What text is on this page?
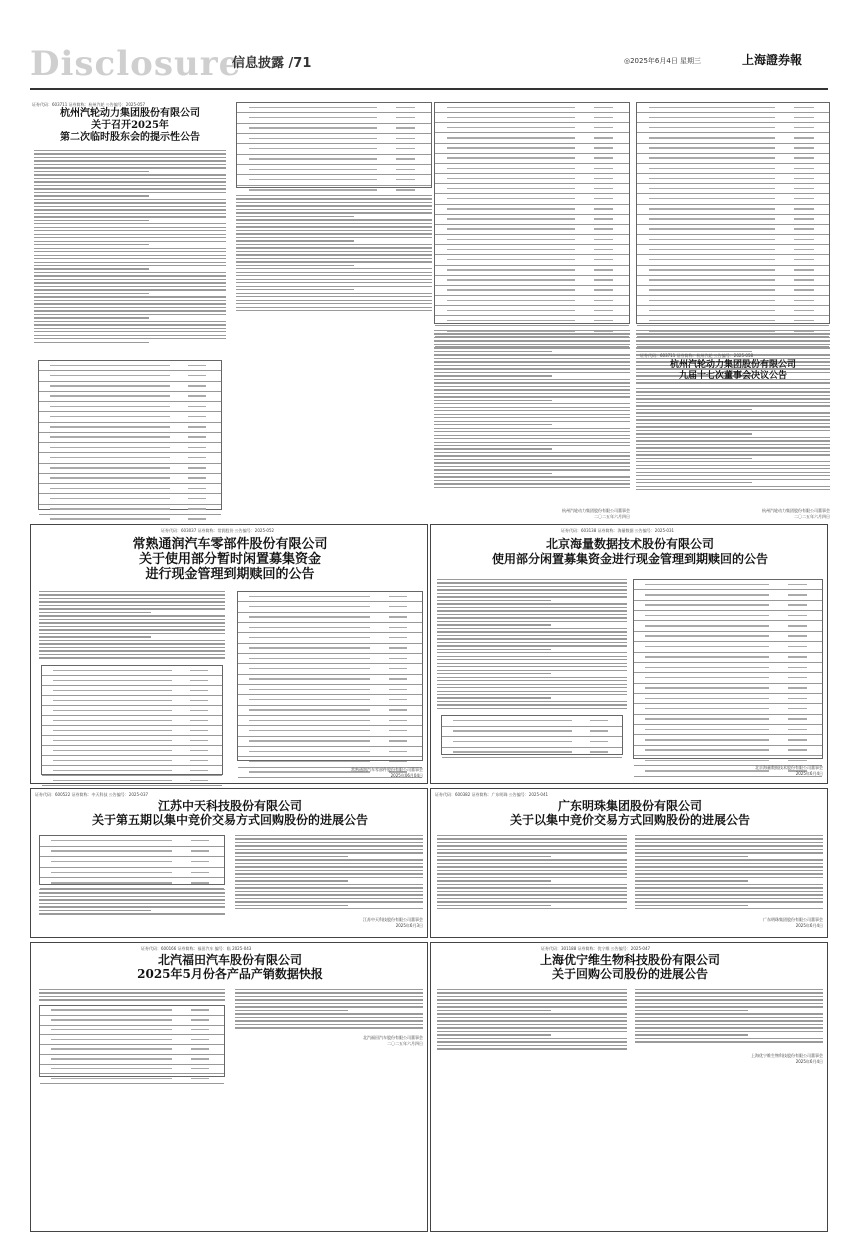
Disclosure
信息披露 /71	◎2025年6月4日 星期三	上海證券報
证券代码：603711 证券简称：杭州汽轮 公告编号：2025-057
杭州汽轮动力集团股份有限公司
关于召开2025年
第二次临时股东会的提示性公告
证券代码：603711 证券简称：杭州汽轮 公告编号：2025-058
杭州汽轮动力集团股份有限公司
九届十七次董事会决议公告
杭州汽轮动力集团股份有限公司董事会
二〇二五年六月四日
杭州汽轮动力集团股份有限公司董事会
二〇二五年六月四日
证券代码：603037 证券简称：常润股份 公告编号：2025-052
常熟通润汽车零部件股份有限公司
关于使用部分暂时闲置募集资金
进行现金管理到期赎回的公告
常熟通润汽车零部件股份有限公司董事会
2025年06月04日
证券代码：603138 证券简称：海量数据 公告编号：2025-031
北京海量数据技术股份有限公司
使用部分闲置募集资金进行现金管理到期赎回的公告
北京海量数据技术股份有限公司董事会
2025年6月4日
证券代码：600522 证券简称：中天科技 公告编号：2025-037
江苏中天科技股份有限公司
关于第五期以集中竞价交易方式回购股份的进展公告
江苏中天科技股份有限公司董事会
2025年6月3日
证券代码：600382 证券简称：广东明珠 公告编号：2025-041
广东明珠集团股份有限公司
关于以集中竞价交易方式回购股份的进展公告
广东明珠集团股份有限公司董事会
2025年6月4日
证券代码：600166 证券简称：福田汽车 编号：临 2025-043
北汽福田汽车股份有限公司
2025年5月份各产品产销数据快报
北汽福田汽车股份有限公司董事会
二〇二五年六月四日
证券代码：301188 证券简称：优宁维 公告编号：2025-047
上海优宁维生物科技股份有限公司
关于回购公司股份的进展公告
上海优宁维生物科技股份有限公司董事会
2025年6月4日
